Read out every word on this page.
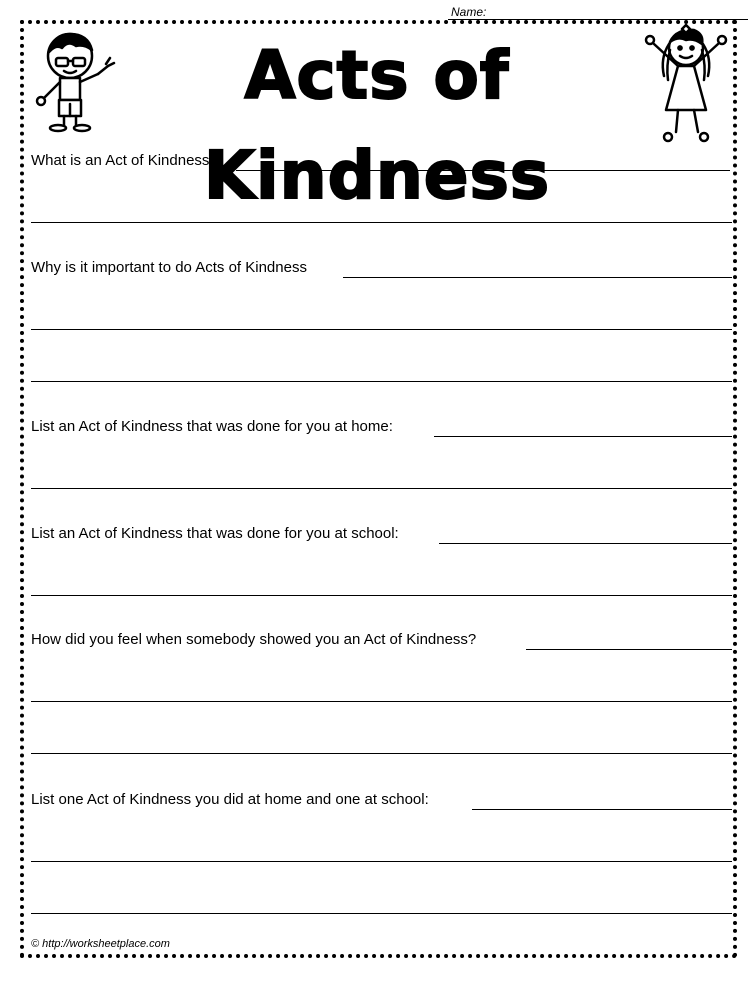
Name:
Acts of Kindness
What is an Act of Kindness?
Why is it important to do Acts of Kindness
List an Act of Kindness that was done for you at home:
List an Act of Kindness that was done for you at school:
How did you feel when somebody showed you an Act of Kindness?
List one Act of Kindness you did at home and one at school:
© http://worksheetplace.com
